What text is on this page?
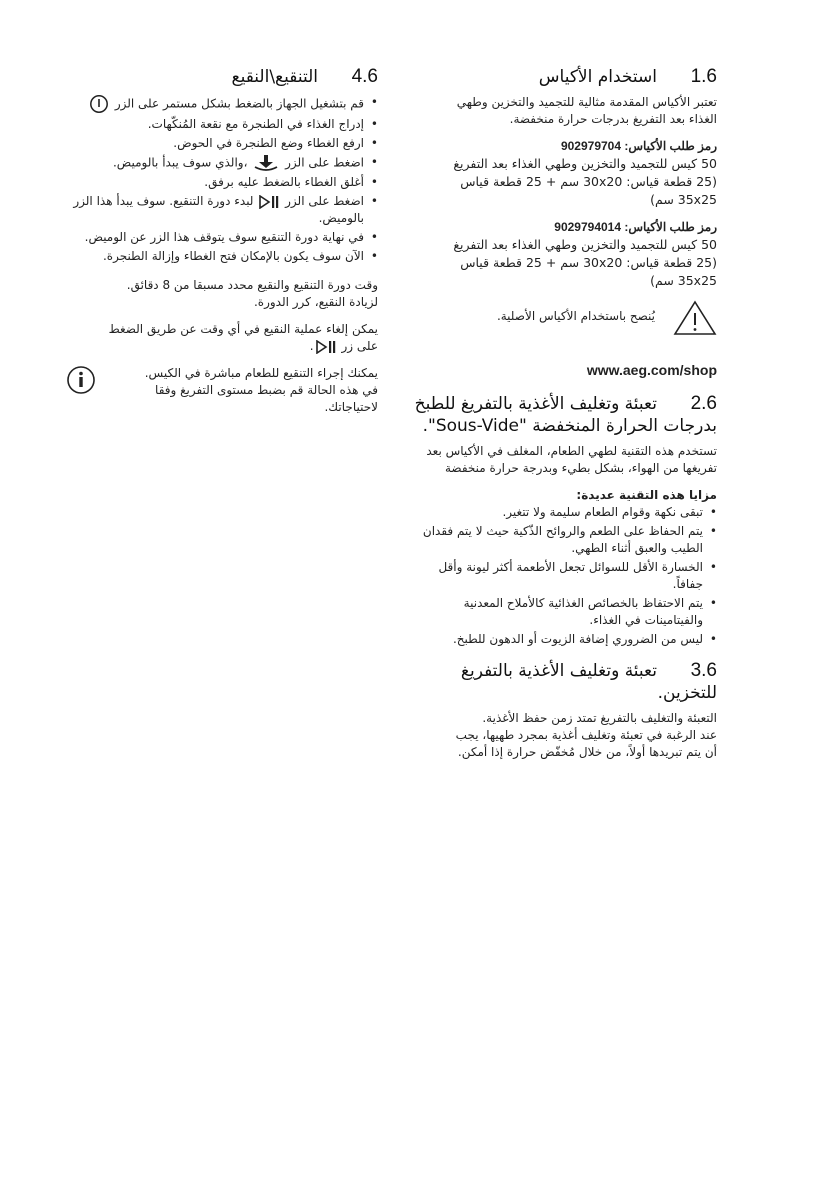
1.6
استخدام الأكياس
تعتبر الأكياس المقدمة مثالية للتجميد والتخزين وطهي
الغذاء بعد التفريغ بدرجات حرارة منخفضة.
رمز طلب الأكياس: 902979704
50 كيس للتجميد والتخزين وطهي الغذاء بعد التفريغ
(25 قطعة قياس: 30x20 سم + 25 قطعة قياس
35x25 سم)
رمز طلب الأكياس: 9029794014
50 كيس للتجميد والتخزين وطهي الغذاء بعد التفريغ
(25 قطعة قياس: 30x20 سم + 25 قطعة قياس
35x25 سم)
يُنصح باستخدام الأكياس الأصلية.
www.aeg.com/shop
2.6
تعبئة وتغليف الأغذية بالتفريغ للطبخ بدرجات الحرارة المنخفضة "Sous-Vide".
تستخدم هذه التقنية لطهي الطعام، المغلف في الأكياس بعد
تفريغها من الهواء، بشكل بطيء وبدرجة حرارة منخفضة
مزايا هذه التقنية عديدة:
• تبقى نكهة وقوام الطعام سليمة ولا تتغير.
• يتم الحفاظ على الطعم والروائح الذّكية حيث لا يتم فقدان الطيب والعبق أثناء الطهي.
• الخسارة الأقل للسوائل تجعل الأطعمة أكثر ليونة وأقل جفافاً.
• يتم الاحتفاظ بالخصائص الغذائية كالأملاح المعدنية والفيتامينات في الغذاء.
• ليس من الضروري إضافة الزيوت أو الدهون للطبخ.
3.6
تعبئة وتغليف الأغذية بالتفريغ للتخزين.
التعبئة والتغليف بالتفريغ تمتد زمن حفظ الأغذية.
عند الرغبة في تعبئة وتغليف أغذية بمجرد طهيها، يجب
أن يتم تبريدها أولاً، من خلال مُخفّض حرارة إذا أمكن.
4.6
التنقيع\النقيع
• قم بتشغيل الجهاز بالضغط بشكل مستمر على الزر
• إدراج الغذاء في الطنجرة مع نقعة المُنكّهات.
• ارفع الغطاء وضع الطنجرة في الحوض.
• اضغط على الزر  ،والذي سوف يبدأ بالوميض.
• أغلق الغطاء بالضغط عليه برفق.
• اضغط على الزر  لبدء دورة التنقيع. سوف يبدأ هذا الزر بالوميض.
• في نهاية دورة التنقيع سوف يتوقف هذا الزر عن الوميض.
• الآن سوف يكون بالإمكان فتح الغطاء وإزالة الطنجرة.
وقت دورة التنقيع والنقيع محدد مسبقا من 8 دقائق.
لزيادة النقيع، كرر الدورة.
يمكن إلغاء عملية النقيع في أي وقت عن طريق الضغط
على زر .
يمكنك إجراء التنقيع للطعام مباشرة في الكيس.
في هذه الحالة قم بضبط مستوى التفريغ وفقا
لاحتياجاتك.
